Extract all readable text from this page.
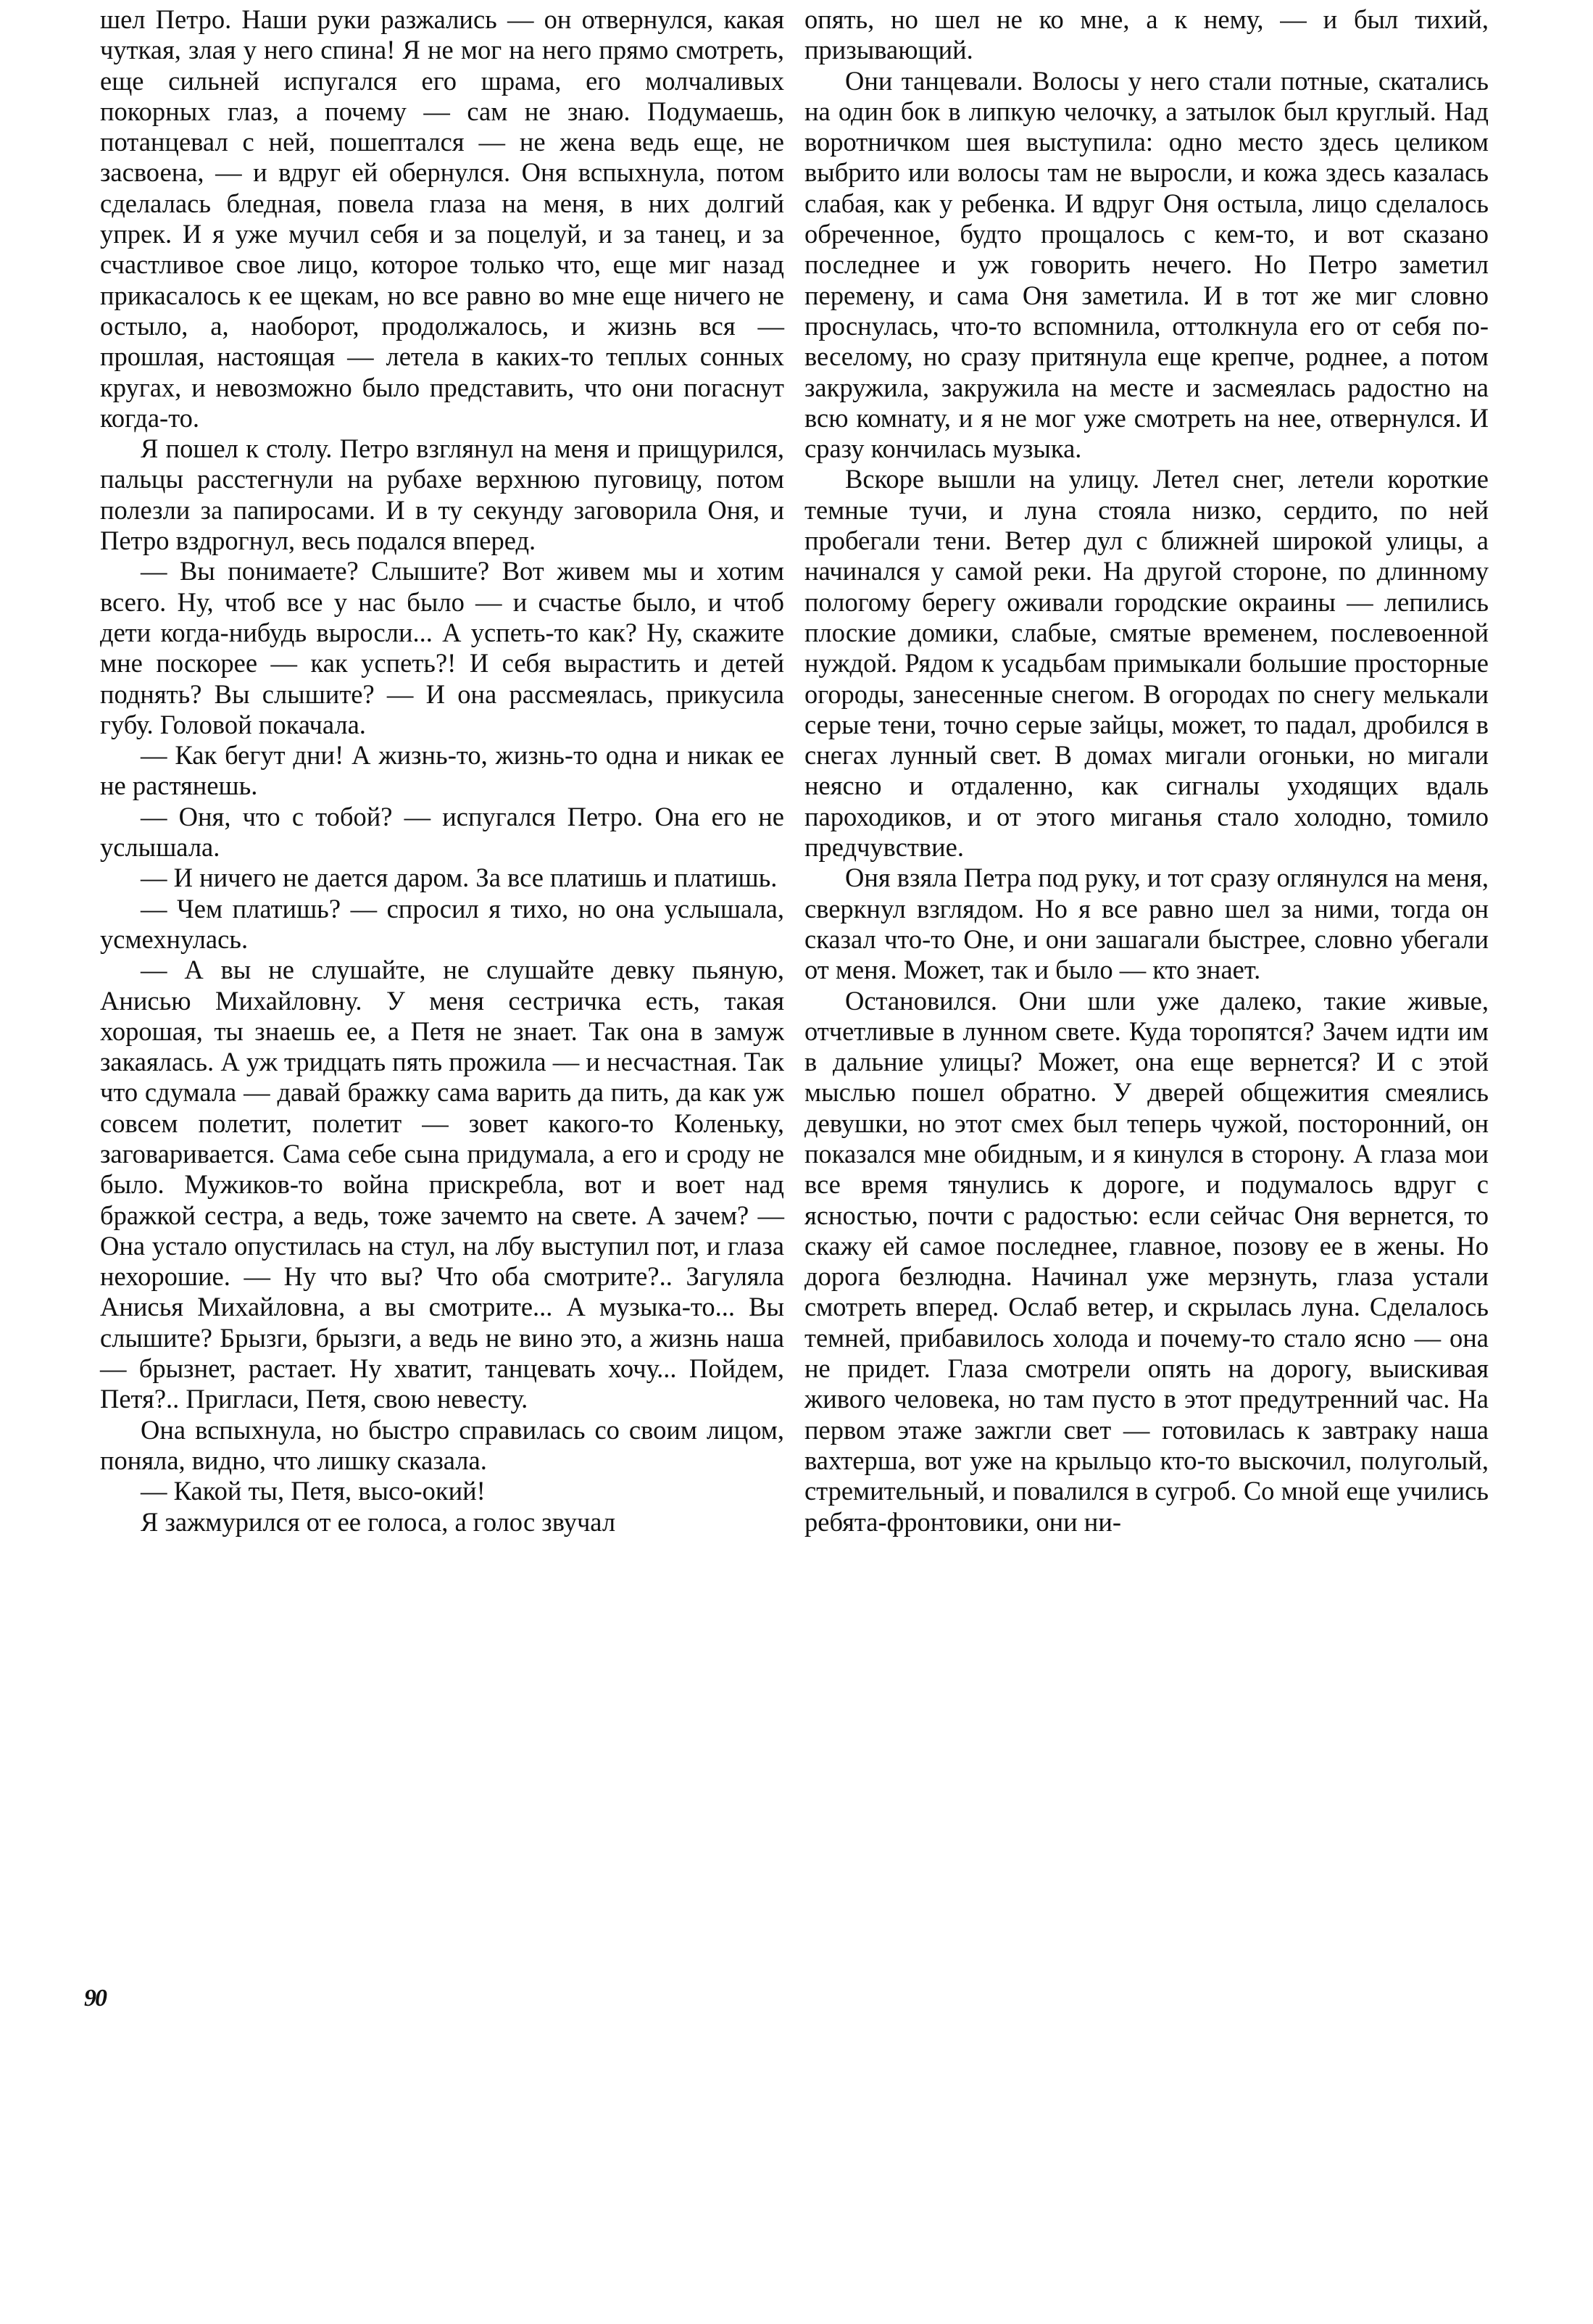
шел Петро. Наши руки разжались — он отвернулся, какая чуткая, злая у него спина! Я не мог на него прямо смотреть, еще сильней испугался его шрама, его молчаливых покорных глаз, а почему — сам не знаю. Подумаешь, потанцевал с ней, пошептался — не жена ведь еще, не засвоена, — и вдруг ей обернулся. Оня вспыхнула, потом сделалась бледная, повела глаза на меня, в них долгий упрек. И я уже мучил себя и за поцелуй, и за танец, и за счастливое свое лицо, которое только что, еще миг назад прикасалось к ее щекам, но все равно во мне еще ничего не остыло, а, наоборот, продолжалось, и жизнь вся — прошлая, настоящая — летела в каких-то теплых сонных кругах, и невозможно было представить, что они погаснут когда-то.

Я пошел к столу. Петро взглянул на меня и прищурился, пальцы расстегнули на рубахе верхнюю пуговицу, потом полезли за папиросами. И в ту секунду заговорила Оня, и Петро вздрогнул, весь подался вперед.

— Вы понимаете? Слышите? Вот живем мы и хотим всего. Ну, чтоб все у нас было — и счастье было, и чтоб дети когда-нибудь выросли... А успеть-то как? Ну, скажите мне поскорее — как успеть?! И себя вырастить и детей поднять? Вы слышите? — И она рассмеялась, прикусила губу. Головой покачала.

— Как бегут дни! А жизнь-то, жизнь-то одна и никак ее не растянешь.

— Оня, что с тобой? — испугался Петро. Она его не услышала.

— И ничего не дается даром. За все платишь и платишь.

— Чем платишь? — спросил я тихо, но она услышала, усмехнулась.

— А вы не слушайте, не слушайте девку пьяную, Анисью Михайловну. У меня сестричка есть, такая хорошая, ты знаешь ее, а Петя не знает. Так она в замуж закаялась. А уж тридцать пять прожила — и несчастная. Так что сдумала — давай бражку сама варить да пить, да как уж совсем полетит, полетит — зовет какого-то Коленьку, заговаривается. Сама себе сына придумала, а его и сроду не было. Мужиков-то война прискребла, вот и воет над бражкой сестра, а ведь, тоже зачемто на свете. А зачем? — Она устало опустилась на стул, на лбу выступил пот, и глаза нехорошие. — Ну что вы? Что оба смотрите?.. Загуляла Анисья Михайловна, а вы смотрите... А музыка-то... Вы слышите? Брызги, брызги, а ведь не вино это, а жизнь наша — брызнет, растает. Ну хватит, танцевать хочу... Пойдем, Петя?.. Пригласи, Петя, свою невесту.

Она вспыхнула, но быстро справилась со своим лицом, поняла, видно, что лишку сказала.

— Какой ты, Петя, высо-окий!

Я зажмурился от ее голоса, а голос звучал

опять, но шел не ко мне, а к нему, — и был тихий, призывающий.

Они танцевали. Волосы у него стали потные, скатались на один бок в липкую челочку, а затылок был круглый. Над воротничком шея выступила: одно место здесь целиком выбрито или волосы там не выросли, и кожа здесь казалась слабая, как у ребенка. И вдруг Оня остыла, лицо сделалось обреченное, будто прощалось с кем-то, и вот сказано последнее и уж говорить нечего. Но Петро заметил перемену, и сама Оня заметила. И в тот же миг словно проснулась, что-то вспомнила, оттолкнула его от себя по-веселому, но сразу притянула еще крепче, роднее, а потом закружила, закружила на месте и засмеялась радостно на всю комнату, и я не мог уже смотреть на нее, отвернулся. И сразу кончилась музыка.

Вскоре вышли на улицу. Летел снег, летели короткие темные тучи, и луна стояла низко, сердито, по ней пробегали тени. Ветер дул с ближней широкой улицы, а начинался у самой реки. На другой стороне, по длинному пологому берегу оживали городские окраины — лепились плоские домики, слабые, смятые временем, послевоенной нуждой. Рядом к усадьбам примыкали большие просторные огороды, занесенные снегом. В огородах по снегу мелькали серые тени, точно серые зайцы, может, то падал, дробился в снегах лунный свет. В домах мигали огоньки, но мигали неясно и отдаленно, как сигналы уходящих вдаль пароходиков, и от этого миганья стало холодно, томило предчувствие.

Оня взяла Петра под руку, и тот сразу оглянулся на меня, сверкнул взглядом. Но я все равно шел за ними, тогда он сказал что-то Оне, и они зашагали быстрее, словно убегали от меня. Может, так и было — кто знает.

Остановился. Они шли уже далеко, такие живые, отчетливые в лунном свете. Куда торопятся? Зачем идти им в дальние улицы? Может, она еще вернется? И с этой мыслью пошел обратно. У дверей общежития смеялись девушки, но этот смех был теперь чужой, посторонний, он показался мне обидным, и я кинулся в сторону. А глаза мои все время тянулись к дороге, и подумалось вдруг с ясностью, почти с радостью: если сейчас Оня вернется, то скажу ей самое последнее, главное, позову ее в жены. Но дорога безлюдна. Начинал уже мерзнуть, глаза устали смотреть вперед. Ослаб ветер, и скрылась луна. Сделалось темней, прибавилось холода и почему-то стало ясно — она не придет. Глаза смотрели опять на дорогу, выискивая живого человека, но там пусто в этот предутренний час. На первом этаже зажгли свет — готовилась к завтраку наша вахтерша, вот уже на крыльцо кто-то выскочил, полуголый, стремительный, и повалился в сугроб. Со мной еще учились ребята-фронтовики, они ни-

90
